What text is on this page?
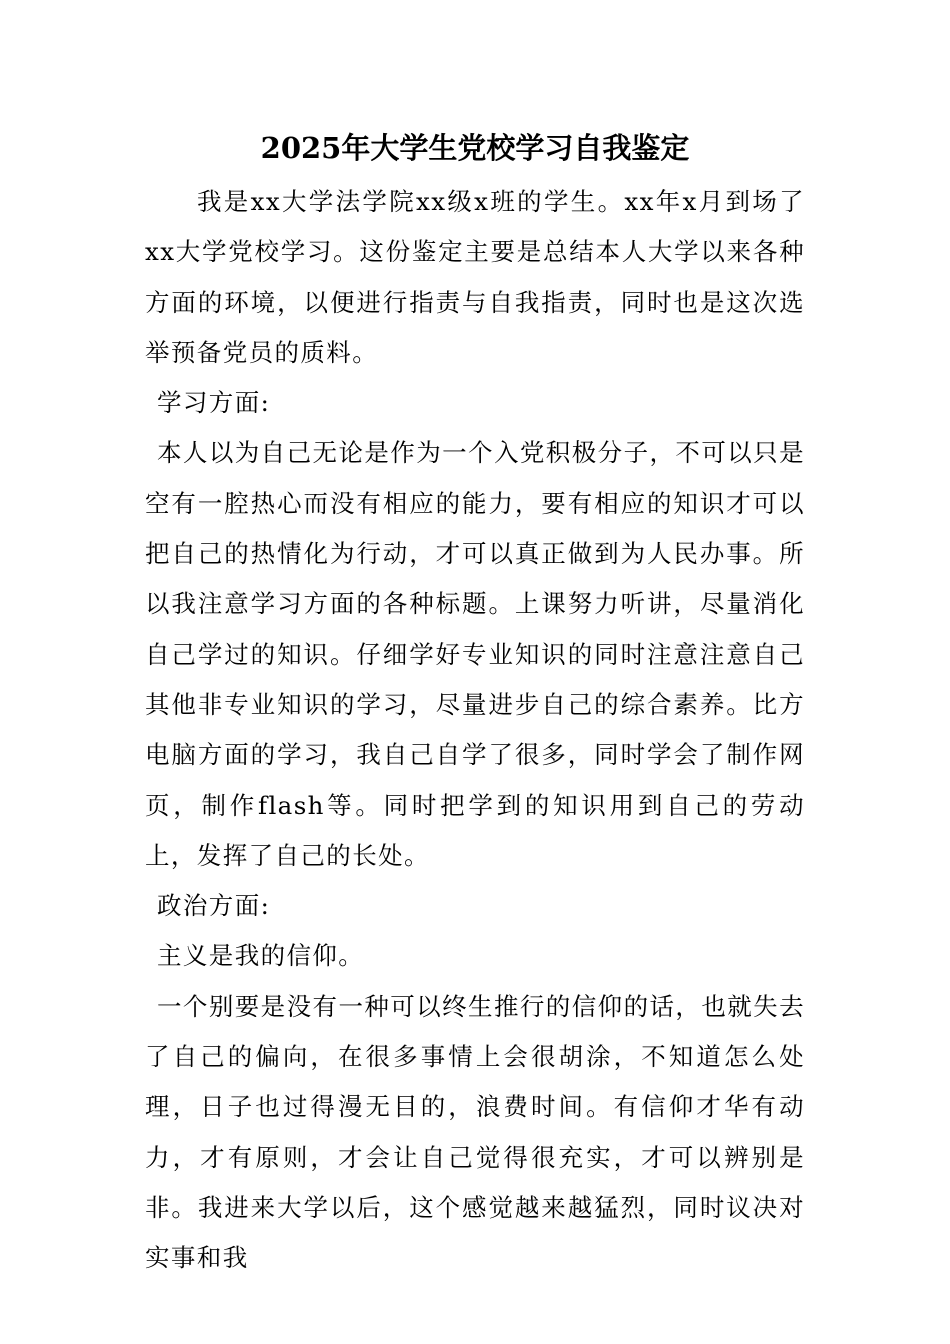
2025年大学生党校学习自我鉴定

我是xx大学法学院xx级x班的学生。xx年x月到场了xx大学党校学习。这份鉴定主要是总结本人大学以来各种方面的环境，以便进行指责与自我指责，同时也是这次选举预备党员的质料。

学习方面:

本人以为自己无论是作为一个入党积极分子，不可以只是空有一腔热心而没有相应的能力，要有相应的知识才可以把自己的热情化为行动，才可以真正做到为人民办事。所以我注意学习方面的各种标题。上课努力听讲，尽量消化自己学过的知识。仔细学好专业知识的同时注意注意自己其他非专业知识的学习，尽量进步自己的综合素养。比方电脑方面的学习，我自己自学了很多，同时学会了制作网页，制作flash等。同时把学到的知识用到自己的劳动上，发挥了自己的长处。

政治方面:

主义是我的信仰。

一个别要是没有一种可以终生推行的信仰的话，也就失去了自己的偏向，在很多事情上会很胡涂，不知道怎么处理，日子也过得漫无目的，浪费时间。有信仰才华有动力，才有原则，才会让自己觉得很充实，才可以辨别是非。我进来大学以后，这个感觉越来越猛烈，同时议决对实事和我
